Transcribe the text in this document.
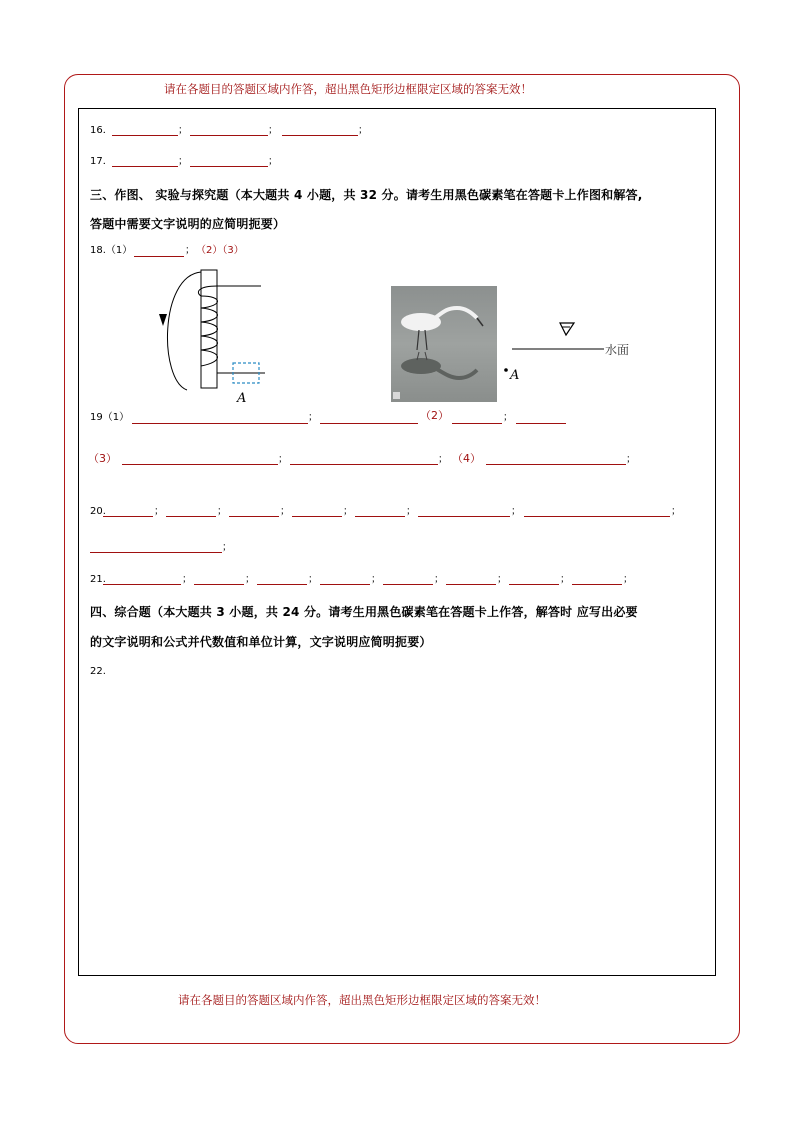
请在各题目的答题区域内作答，超出黑色矩形边框限定区域的答案无效！
请在各题目的答题区域内作答，超出黑色矩形边框限定区域的答案无效！
16．	；	；	；
17．	；	；
三、作图、 实验与探究题（本大题共 4 小题，共 32 分。请考生用黑色碳素笔在答题卡上作图和解答,
答题中需要文字说明的应简明扼要）
18.（1）	； （2）（3）
A
A
水面
19（1）	；	（2）	；
（3）	；	； （4）	；
20.	；	；	；	；	；	；	；
；
21.	；	；	；	；	；	；	；	；
四、综合题（本大题共 3 小题，共 24 分。请考生用黑色碳素笔在答题卡上作答，解答时 应写出必要
的文字说明和公式并代数值和单位计算，文字说明应简明扼要）
22.
